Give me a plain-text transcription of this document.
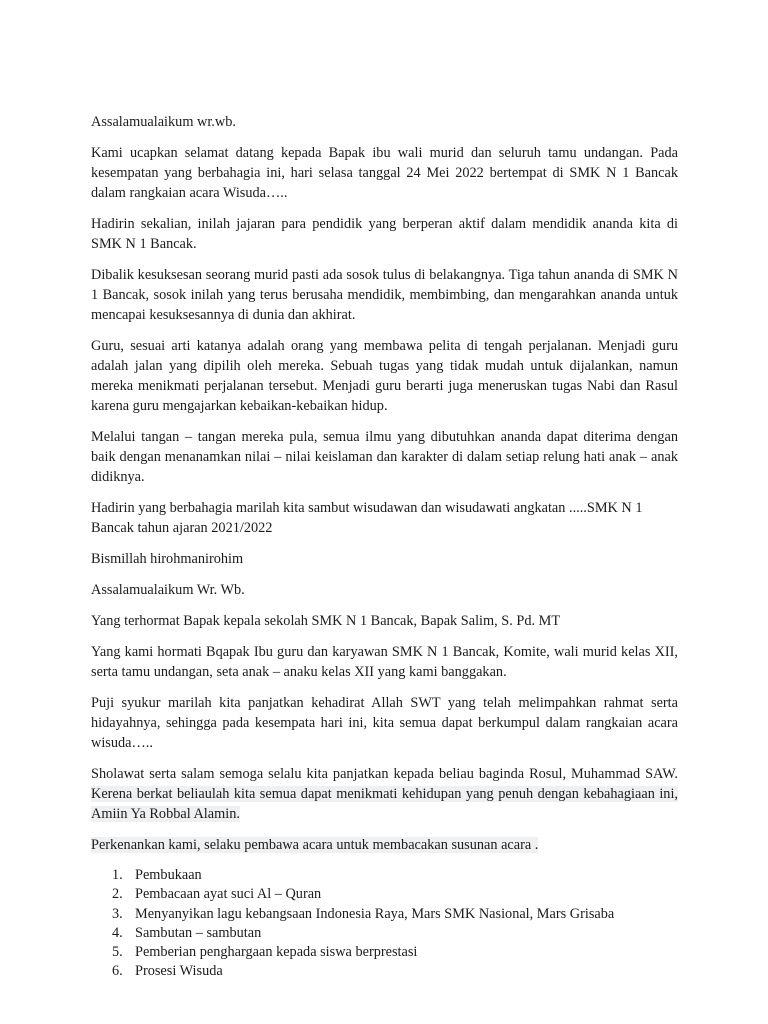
Assalamualaikum wr.wb.

Kami ucapkan selamat datang kepada Bapak ibu wali murid dan seluruh tamu undangan. Pada kesempatan yang berbahagia ini, hari selasa tanggal 24 Mei 2022 bertempat di SMK N 1 Bancak dalam rangkaian acara Wisuda…..

Hadirin sekalian, inilah jajaran para pendidik yang berperan aktif dalam mendidik ananda kita di SMK N 1 Bancak.

Dibalik kesuksesan seorang murid pasti ada sosok tulus di belakangnya. Tiga tahun ananda di SMK N 1 Bancak, sosok inilah yang terus berusaha mendidik, membimbing, dan mengarahkan ananda untuk mencapai kesuksesannya di dunia dan akhirat.

Guru, sesuai arti katanya adalah orang yang membawa pelita di tengah perjalanan. Menjadi guru adalah jalan yang dipilih oleh mereka. Sebuah tugas yang tidak mudah untuk dijalankan, namun mereka menikmati perjalanan tersebut. Menjadi guru berarti juga meneruskan tugas Nabi dan Rasul karena guru mengajarkan kebaikan-kebaikan hidup.

Melalui tangan – tangan mereka pula, semua ilmu yang dibutuhkan ananda dapat diterima dengan baik dengan menanamkan nilai – nilai keislaman dan karakter di dalam setiap relung hati anak – anak didiknya.

Hadirin yang berbahagia marilah kita sambut wisudawan dan wisudawati angkatan .....SMK N 1 Bancak tahun ajaran 2021/2022

Bismillah hirohmanirohim

Assalamualaikum Wr. Wb.

Yang terhormat Bapak kepala sekolah SMK N 1 Bancak, Bapak Salim, S. Pd. MT

Yang kami hormati Bqapak Ibu guru dan karyawan SMK N 1 Bancak, Komite, wali murid kelas XII, serta tamu undangan, seta anak – anaku kelas XII yang kami banggakan.

Puji syukur marilah kita panjatkan kehadirat Allah SWT yang telah melimpahkan rahmat serta hidayahnya, sehingga pada kesempata hari ini, kita semua dapat berkumpul dalam rangkaian acara wisuda…..

Sholawat serta salam semoga selalu kita panjatkan kepada beliau baginda Rosul, Muhammad SAW. Kerena berkat beliaulah kita semua dapat menikmati kehidupan yang penuh dengan kebahagiaan ini, Amiin Ya Robbal Alamin.

Perkenankan kami, selaku pembawa acara untuk membacakan susunan acara .

1. Pembukaan
2. Pembacaan ayat suci Al – Quran
3. Menyanyikan lagu kebangsaan Indonesia Raya, Mars SMK Nasional, Mars Grisaba
4. Sambutan – sambutan
5. Pemberian penghargaan kepada siswa berprestasi
6. Prosesi Wisuda
